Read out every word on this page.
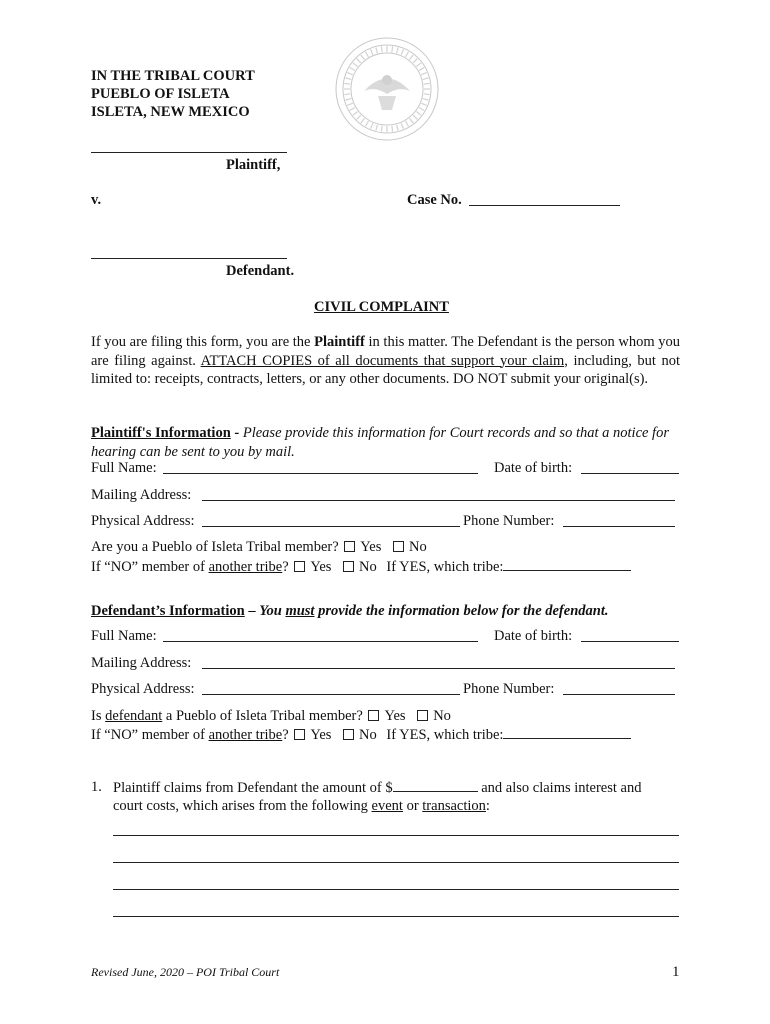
IN THE TRIBAL COURT
PUEBLO OF ISLETA
ISLETA, NEW MEXICO
Plaintiff,
v.	Case No.
Defendant.
CIVIL COMPLAINT
If you are filing this form, you are the Plaintiff in this matter. The Defendant is the person whom you are filing against. ATTACH COPIES of all documents that support your claim, including, but not limited to: receipts, contracts, letters, or any other documents. DO NOT submit your original(s).
Plaintiff's Information - Please provide this information for Court records and so that a notice for hearing can be sent to you by mail.
Full Name:	Date of birth:
Mailing Address:
Physical Address:	Phone Number:
Are you a Pueblo of Isleta Tribal member? Yes No
If “NO” member of another tribe? Yes No If YES, which tribe:
Defendant’s Information – You must provide the information below for the defendant.
Full Name:	Date of birth:
Mailing Address:
Physical Address:	Phone Number:
Is defendant a Pueblo of Isleta Tribal member? Yes No
If “NO” member of another tribe? Yes No If YES, which tribe:
1. Plaintiff claims from Defendant the amount of $	and also claims interest and
court costs, which arises from the following event or transaction:
Revised June, 2020 – POI Tribal Court	1
